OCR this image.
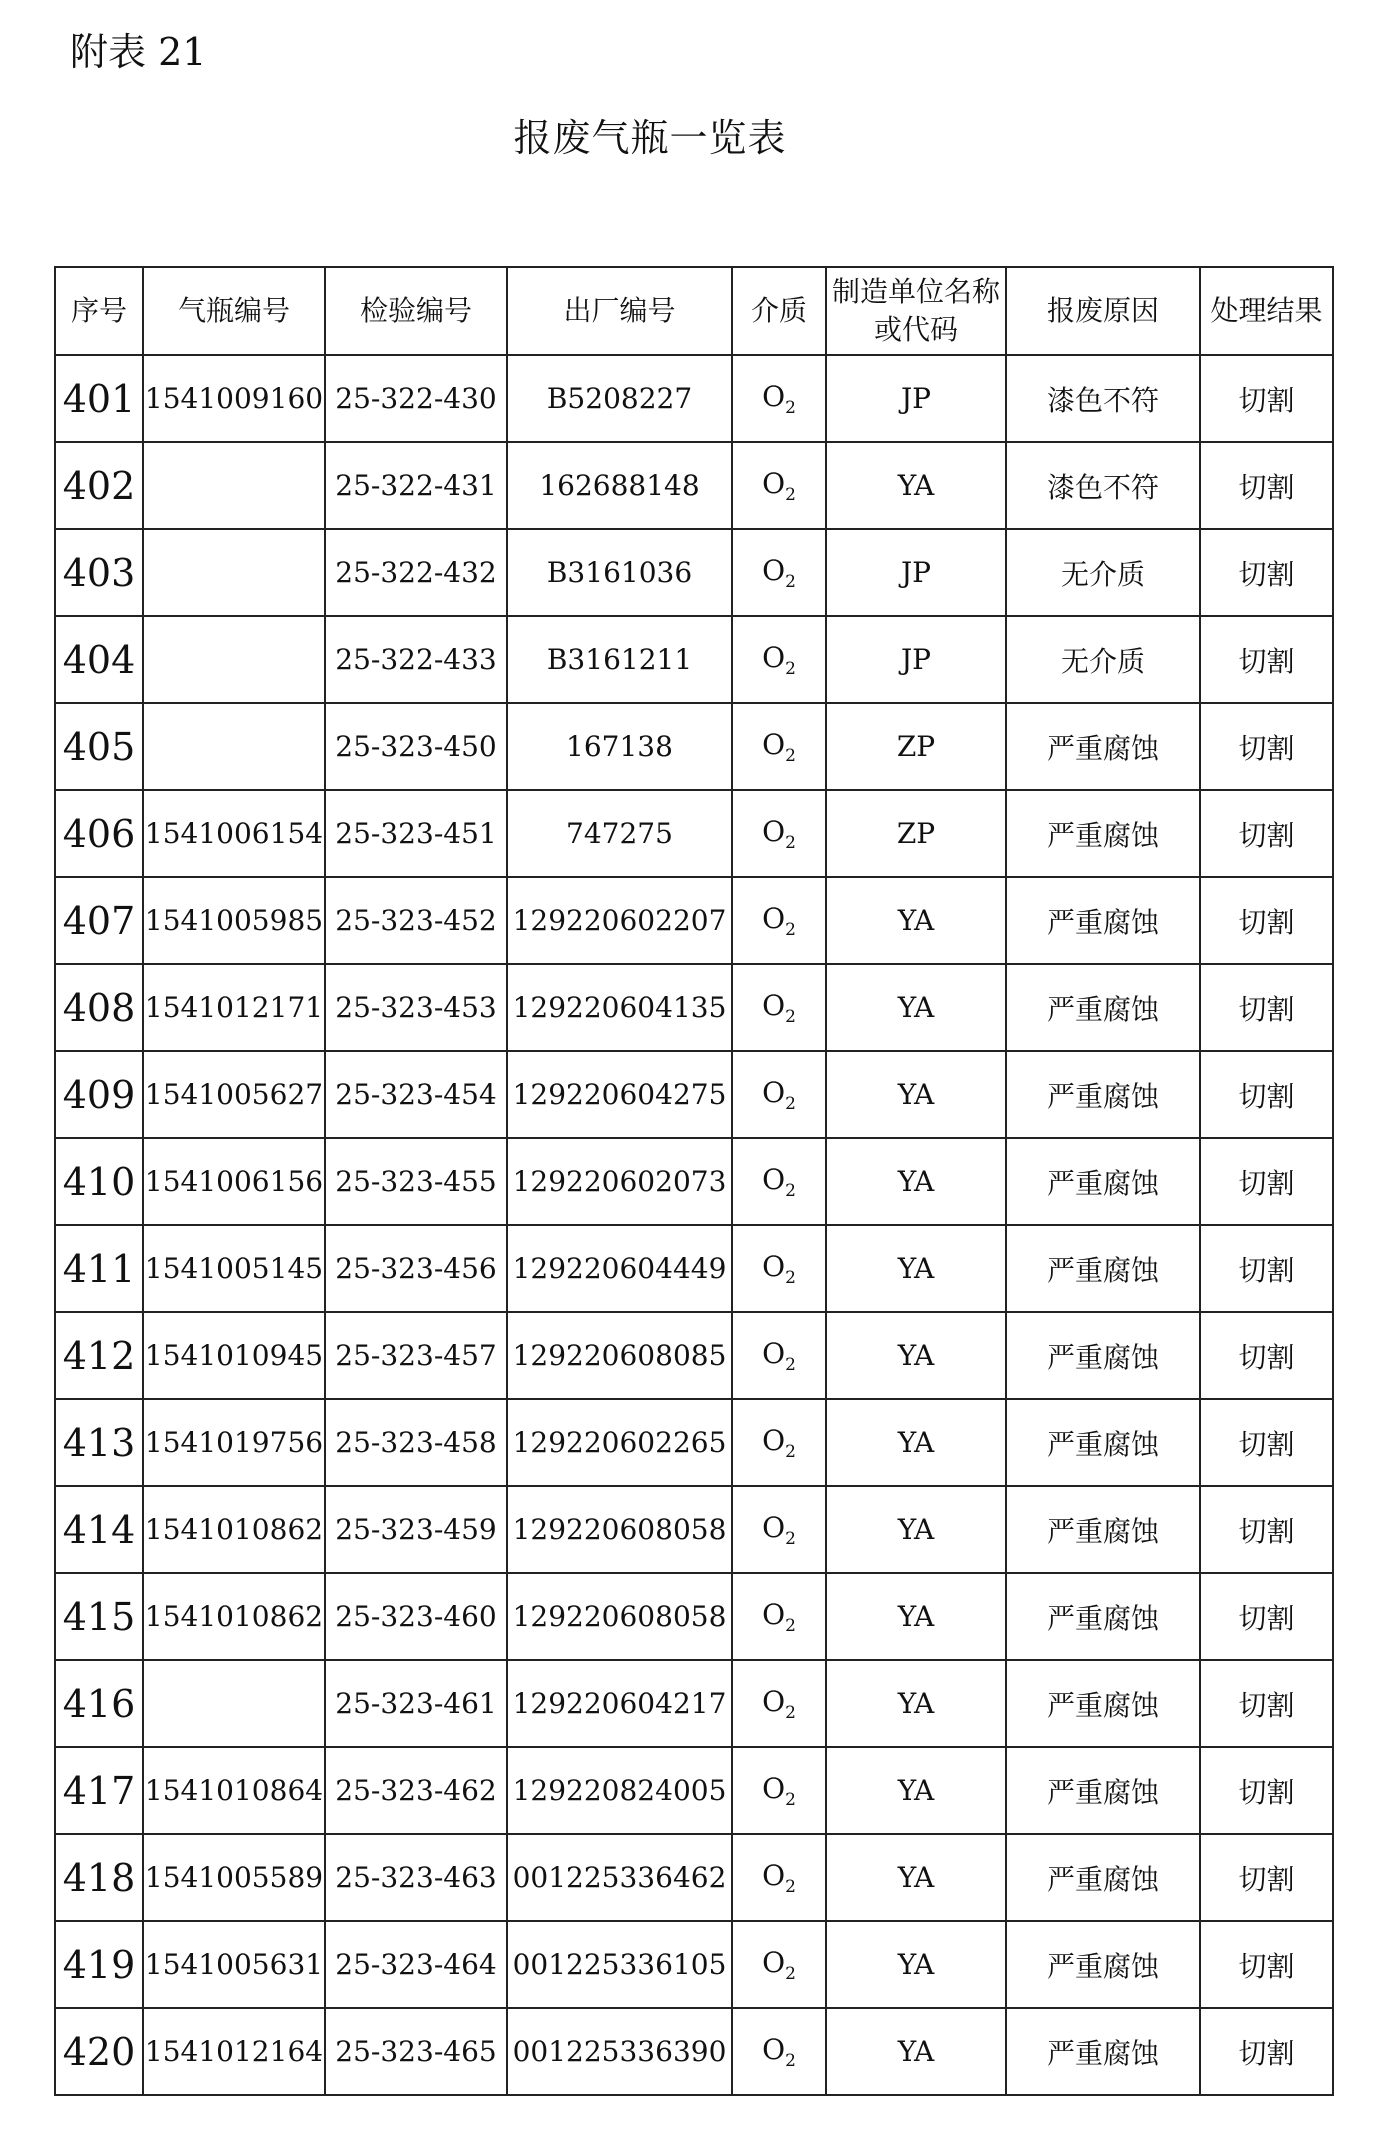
附表 21
报废气瓶一览表
序号	气瓶编号	检验编号	出厂编号	介质	制造单位名称或代码	报废原因	处理结果
401	1541009160	25-322-430	B5208227	$O_2$	JP	漆色不符	切割
402		25-322-431	162688148	$O_2$	YA	漆色不符	切割
403		25-322-432	B3161036	$O_2$	JP	无介质	切割
404		25-322-433	B3161211	$O_2$	JP	无介质	切割
405		25-323-450	167138	$O_2$	ZP	严重腐蚀	切割
406	1541006154	25-323-451	747275	$O_2$	ZP	严重腐蚀	切割
407	1541005985	25-323-452	129220602207	$O_2$	YA	严重腐蚀	切割
408	1541012171	25-323-453	129220604135	$O_2$	YA	严重腐蚀	切割
409	1541005627	25-323-454	129220604275	$O_2$	YA	严重腐蚀	切割
410	1541006156	25-323-455	129220602073	$O_2$	YA	严重腐蚀	切割
411	1541005145	25-323-456	129220604449	$O_2$	YA	严重腐蚀	切割
412	1541010945	25-323-457	129220608085	$O_2$	YA	严重腐蚀	切割
413	1541019756	25-323-458	129220602265	$O_2$	YA	严重腐蚀	切割
414	1541010862	25-323-459	129220608058	$O_2$	YA	严重腐蚀	切割
415	1541010862	25-323-460	129220608058	$O_2$	YA	严重腐蚀	切割
416		25-323-461	129220604217	$O_2$	YA	严重腐蚀	切割
417	1541010864	25-323-462	129220824005	$O_2$	YA	严重腐蚀	切割
418	1541005589	25-323-463	001225336462	$O_2$	YA	严重腐蚀	切割
419	1541005631	25-323-464	001225336105	$O_2$	YA	严重腐蚀	切割
420	1541012164	25-323-465	001225336390	$O_2$	YA	严重腐蚀	切割
